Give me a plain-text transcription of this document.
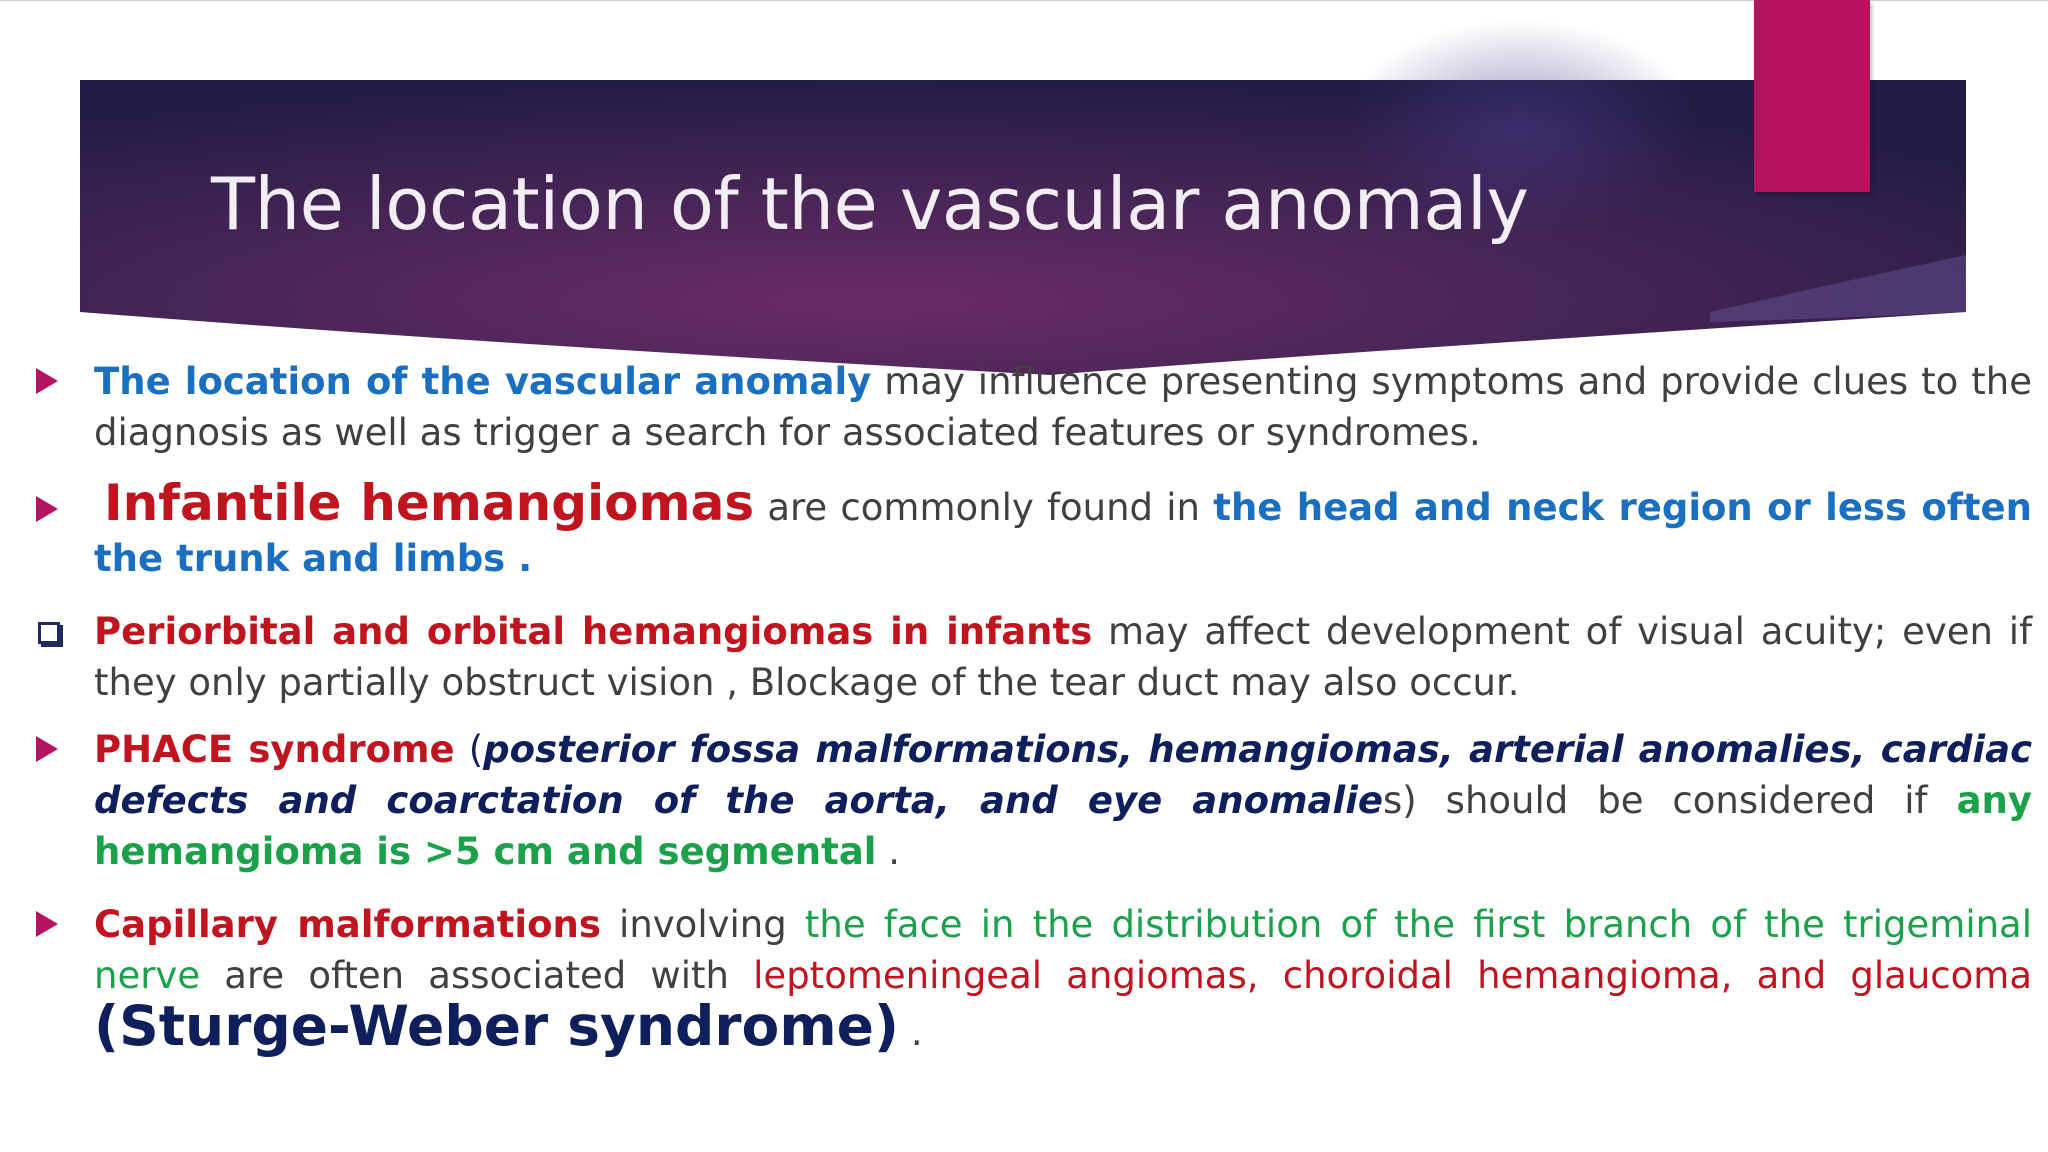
The location of the vascular anomaly
The location of the vascular anomaly may influence presenting symptoms and provide clues to the diagnosis as well as trigger a search for associated features or syndromes.
Infantile hemangiomas are commonly found in the head and neck region or less often the trunk and limbs .
Periorbital and orbital hemangiomas in infants may affect development of visual acuity; even if they only partially obstruct vision , Blockage of the tear duct may also occur.
PHACE syndrome (posterior fossa malformations, hemangiomas, arterial anomalies, cardiac defects and coarctation of the aorta, and eye anomalies) should be considered if any hemangioma is >5 cm and segmental .
Capillary malformations involving the face in the distribution of the first branch of the trigeminal nerve are often associated with leptomeningeal angiomas, choroidal hemangioma, and glaucoma (Sturge-Weber syndrome) .
